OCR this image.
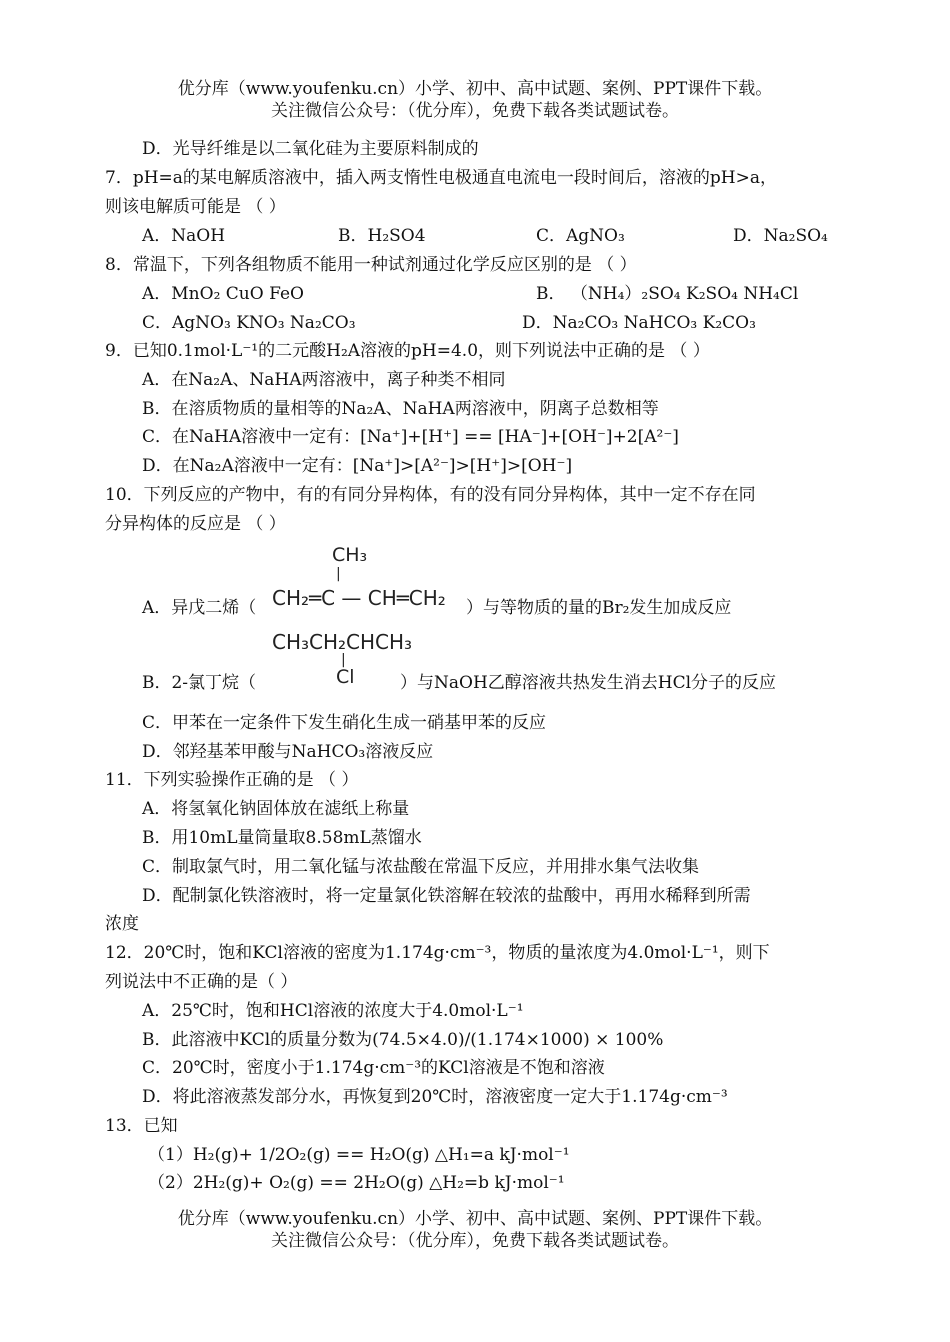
优分库（www.youfenku.cn）小学、初中、高中试题、案例、PPT课件下载。
关注微信公众号：（优分库），免费下载各类试题试卷。
D．光导纤维是以二氧化硅为主要原料制成的
7．pH=a的某电解质溶液中，插入两支惰性电极通直电流电一段时间后，溶液的pH>a，
则该电解质可能是 （ ）
A．NaOH	B．H₂SO4	C．AgNO₃	D．Na₂SO₄
8．常温下，下列各组物质不能用一种试剂通过化学反应区别的是 （ ）
A．MnO₂ CuO FeO	B． （NH₄）₂SO₄ K₂SO₄ NH₄Cl
C．AgNO₃ KNO₃ Na₂CO₃	D．Na₂CO₃ NaHCO₃ K₂CO₃
9．已知0.1mol·L⁻¹的二元酸H₂A溶液的pH=4.0，则下列说法中正确的是 （ ）
A．在Na₂A、NaHA两溶液中，离子种类不相同
B．在溶质物质的量相等的Na₂A、NaHA两溶液中，阴离子总数相等
C．在NaHA溶液中一定有：[Na⁺]+[H⁺] == [HA⁻]+[OH⁻]+2[A²⁻]
D．在Na₂A溶液中一定有：[Na⁺]>[A²⁻]>[H⁺]>[OH⁻]
10．下列反应的产物中，有的有同分异构体，有的没有同分异构体，其中一定不存在同
分异构体的反应是 （ ）
CH₃
|
A．异戊二烯（ CH₂═C — CH═CH₂ ）与等物质的量的Br₂发生加成反应
CH₃CH₂CHCH₃
|
B．2-氯丁烷（	Cl	）与NaOH乙醇溶液共热发生消去HCl分子的反应
C．甲苯在一定条件下发生硝化生成一硝基甲苯的反应
D．邻羟基苯甲酸与NaHCO₃溶液反应
11．下列实验操作正确的是 （ ）
A．将氢氧化钠固体放在滤纸上称量
B．用10mL量筒量取8.58mL蒸馏水
C．制取氯气时，用二氧化锰与浓盐酸在常温下反应，并用排水集气法收集
D．配制氯化铁溶液时，将一定量氯化铁溶解在较浓的盐酸中，再用水稀释到所需
浓度
12．20℃时，饱和KCl溶液的密度为1.174g·cm⁻³，物质的量浓度为4.0mol·L⁻¹，则下
列说法中不正确的是（ ）
A．25℃时，饱和HCl溶液的浓度大于4.0mol·L⁻¹
B．此溶液中KCl的质量分数为(74.5×4.0)/(1.174×1000) × 100%
C．20℃时，密度小于1.174g·cm⁻³的KCl溶液是不饱和溶液
D．将此溶液蒸发部分水，再恢复到20℃时，溶液密度一定大于1.174g·cm⁻³
13．已知
（1）H₂(g)+ 1/2O₂(g) == H₂O(g) △H₁=a kJ·mol⁻¹
（2）2H₂(g)+ O₂(g) == 2H₂O(g) △H₂=b kJ·mol⁻¹
优分库（www.youfenku.cn）小学、初中、高中试题、案例、PPT课件下载。
关注微信公众号：（优分库），免费下载各类试题试卷。
